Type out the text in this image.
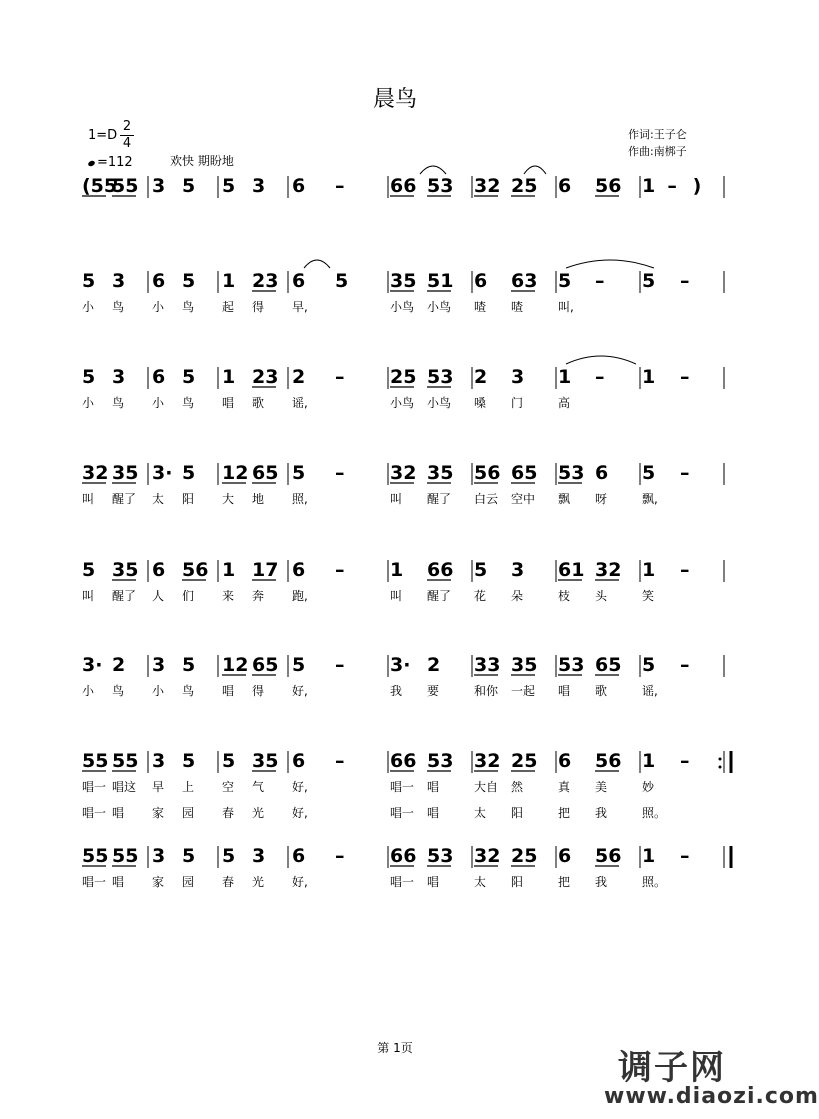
晨鸟
1=D
2
4
=112	欢快 期盼地
作词:王子仑
作曲:南梆子
(55
55 3 5 5 3 6 – 66 53 32 25 6 56 1 – )
5 3
小 鸟
6 5
小 鸟
1 23
起 得
6 5
早,
35 51
小鸟 小鸟
6 63
喳 喳
5 –
叫,
5 –
5 3
小 鸟
6 5
小 鸟
1 23
唱 歌
2 –
谣,
25 53
小鸟 小鸟
2 3
嗓 门
1 –
高
1 –
32 35
叫 醒了
3· 5
太 阳
12 65
大 地
5 –
照,
32 35
叫 醒了
56 65
白云 空中
53 6
飘 呀
5 –
飘,
5 35
叫 醒了
6 56
人 们
1 17
来 奔
6 –
跑,
1 66
叫 醒了
5 3
花 朵
61 32
枝 头
1 –
笑
3· 2
小 鸟
3 5
小 鸟
12 65
唱 得
5 –
好,
3· 2
我 要
33 35
和你 一起
53 65
唱 歌
5 –
谣,
55 55
唱一 唱这
唱一 唱
3 5
早 上
家 园
5 35
空 气
春 光
6 –
好,
好,
66 53
唱一 唱
唱一 唱
32 25
大自 然
太 阳
6 56
真 美
把 我
1 –
妙
照。
55 55
唱一 唱
3 5
家 园
5 3
春 光
6 –
好,
66 53
唱一 唱
32 25
太 阳
6 56
把 我
1 –
照。
第 1页	调子网
www.diaozi.com
